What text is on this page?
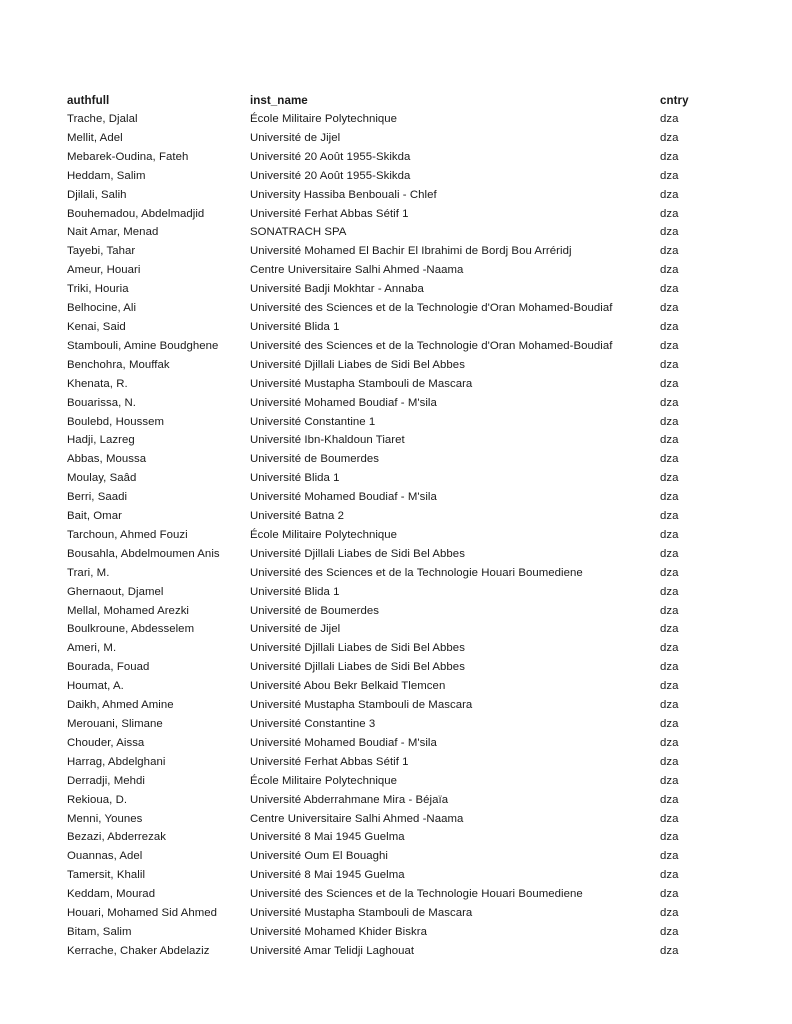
authfull	inst_name	cntry
Trache, Djalal	École Militaire Polytechnique	dza
Mellit, Adel	Université de Jijel	dza
Mebarek-Oudina, Fateh	Université 20 Août 1955-Skikda	dza
Heddam, Salim	Université 20 Août 1955-Skikda	dza
Djilali, Salih	University Hassiba Benbouali - Chlef	dza
Bouhemadou, Abdelmadjid	Université Ferhat Abbas Sétif 1	dza
Nait Amar, Menad	SONATRACH SPA	dza
Tayebi, Tahar	Université Mohamed El Bachir El Ibrahimi de Bordj Bou Arréridj	dza
Ameur, Houari	Centre Universitaire Salhi Ahmed -Naama	dza
Triki, Houria	Université Badji Mokhtar - Annaba	dza
Belhocine, Ali	Université des Sciences et de la Technologie d'Oran Mohamed-Boudiaf	dza
Kenai, Said	Université Blida 1	dza
Stambouli, Amine Boudghene	Université des Sciences et de la Technologie d'Oran Mohamed-Boudiaf	dza
Benchohra, Mouffak	Université Djillali Liabes de Sidi Bel Abbes	dza
Khenata, R.	Université Mustapha Stambouli de Mascara	dza
Bouarissa, N.	Université Mohamed Boudiaf - M'sila	dza
Boulebd, Houssem	Université Constantine 1	dza
Hadji, Lazreg	Université Ibn-Khaldoun Tiaret	dza
Abbas, Moussa	Université de Boumerdes	dza
Moulay, Saâd	Université Blida 1	dza
Berri, Saadi	Université Mohamed Boudiaf - M'sila	dza
Bait, Omar	Université Batna 2	dza
Tarchoun, Ahmed Fouzi	École Militaire Polytechnique	dza
Bousahla, Abdelmoumen Anis	Université Djillali Liabes de Sidi Bel Abbes	dza
Trari, M.	Université des Sciences et de la Technologie Houari Boumediene	dza
Ghernaout, Djamel	Université Blida 1	dza
Mellal, Mohamed Arezki	Université de Boumerdes	dza
Boulkroune, Abdesselem	Université de Jijel	dza
Ameri, M.	Université Djillali Liabes de Sidi Bel Abbes	dza
Bourada, Fouad	Université Djillali Liabes de Sidi Bel Abbes	dza
Houmat, A.	Université Abou Bekr Belkaid Tlemcen	dza
Daikh, Ahmed Amine	Université Mustapha Stambouli de Mascara	dza
Merouani, Slimane	Université Constantine 3	dza
Chouder, Aissa	Université Mohamed Boudiaf - M'sila	dza
Harrag, Abdelghani	Université Ferhat Abbas Sétif 1	dza
Derradji, Mehdi	École Militaire Polytechnique	dza
Rekioua, D.	Université Abderrahmane Mira - Béjaïa	dza
Menni, Younes	Centre Universitaire Salhi Ahmed -Naama	dza
Bezazi, Abderrezak	Université 8 Mai 1945 Guelma	dza
Ouannas, Adel	Université Oum El Bouaghi	dza
Tamersit, Khalil	Université 8 Mai 1945 Guelma	dza
Keddam, Mourad	Université des Sciences et de la Technologie Houari Boumediene	dza
Houari, Mohamed Sid Ahmed	Université Mustapha Stambouli de Mascara	dza
Bitam, Salim	Université Mohamed Khider Biskra	dza
Kerrache, Chaker Abdelaziz	Université Amar Telidji Laghouat	dza
